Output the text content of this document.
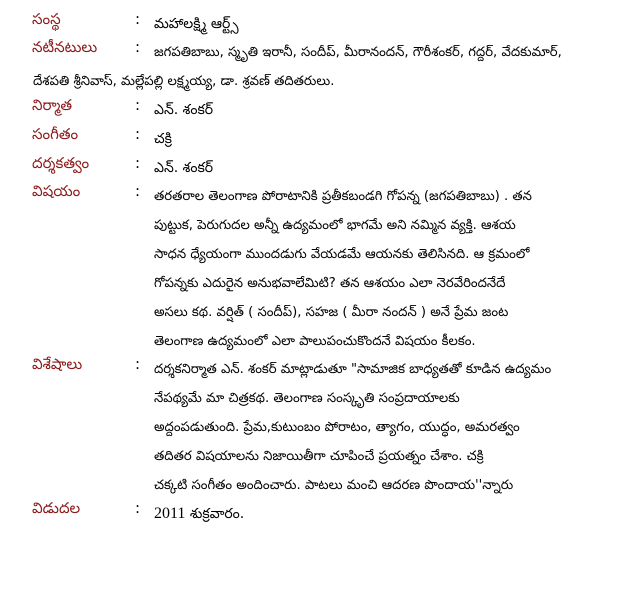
సంస్థ	: మహాలక్ష్మి ఆర్ట్స్
నటీనటులు	: జగపతిబాబు, స్మృతి ఇరానీ, సందీప్, మీరానందన్, గౌరీశంకర్, గద్దర్, వేదకుమార్,
దేశపతి శ్రీనివాస్, మల్లేపల్లి లక్ష్మయ్య, డా. శ్రవణ్ తదితరులు.
నిర్మాత	: ఎన్. శంకర్
సంగీతం	: చక్రి
దర్శకత్వం	: ఎన్. శంకర్
విషయం	: తరతరాల తెలంగాణ పోరాటానికి ప్రతీకబండగి గోపన్న (జగపతిబాబు) . తన
పుట్టుక, పెరుగుదల అన్నీ ఉద్యమంలో భాగమే అని నమ్మిన వ్యక్తి. ఆశయ
సాధన ధ్యేయంగా ముందడుగు వేయడమే ఆయనకు తెలిసినది. ఆ క్రమంలో
గోపన్నకు ఎదురైన అనుభవాలేమిటి? తన ఆశయం ఎలా నెరవేరిందనేదే
అసలు కథ. వర్షిత్ ( సందీప్), సహజ ( మీరా నందన్ ) అనే ప్రేమ జంట
తెలంగాణ ఉద్యమంలో ఎలా పాలుపంచుకొందనే విషయం కీలకం.
విశేషాలు	: దర్శకనిర్మాత ఎన్. శంకర్ మాట్లాడుతూ "సామాజిక బాధ్యతతో కూడిన ఉద్యమం
నేపథ్యమే మా చిత్రకథ. తెలంగాణ సంస్కృతి సంప్రదాయాలకు
అద్దంపడుతుంది. ప్రేమ,కుటుంబం పోరాటం, త్యాగం, యుద్ధం, అమరత్వం
తదితర విషయాలను నిజాయితీగా చూపించే ప్రయత్నం చేశాం. చక్రి
చక్కటి సంగీతం అందించారు. పాటలు మంచి ఆదరణ పొందాయ''న్నారు
విడుదల	: 2011 శుక్రవారం.
